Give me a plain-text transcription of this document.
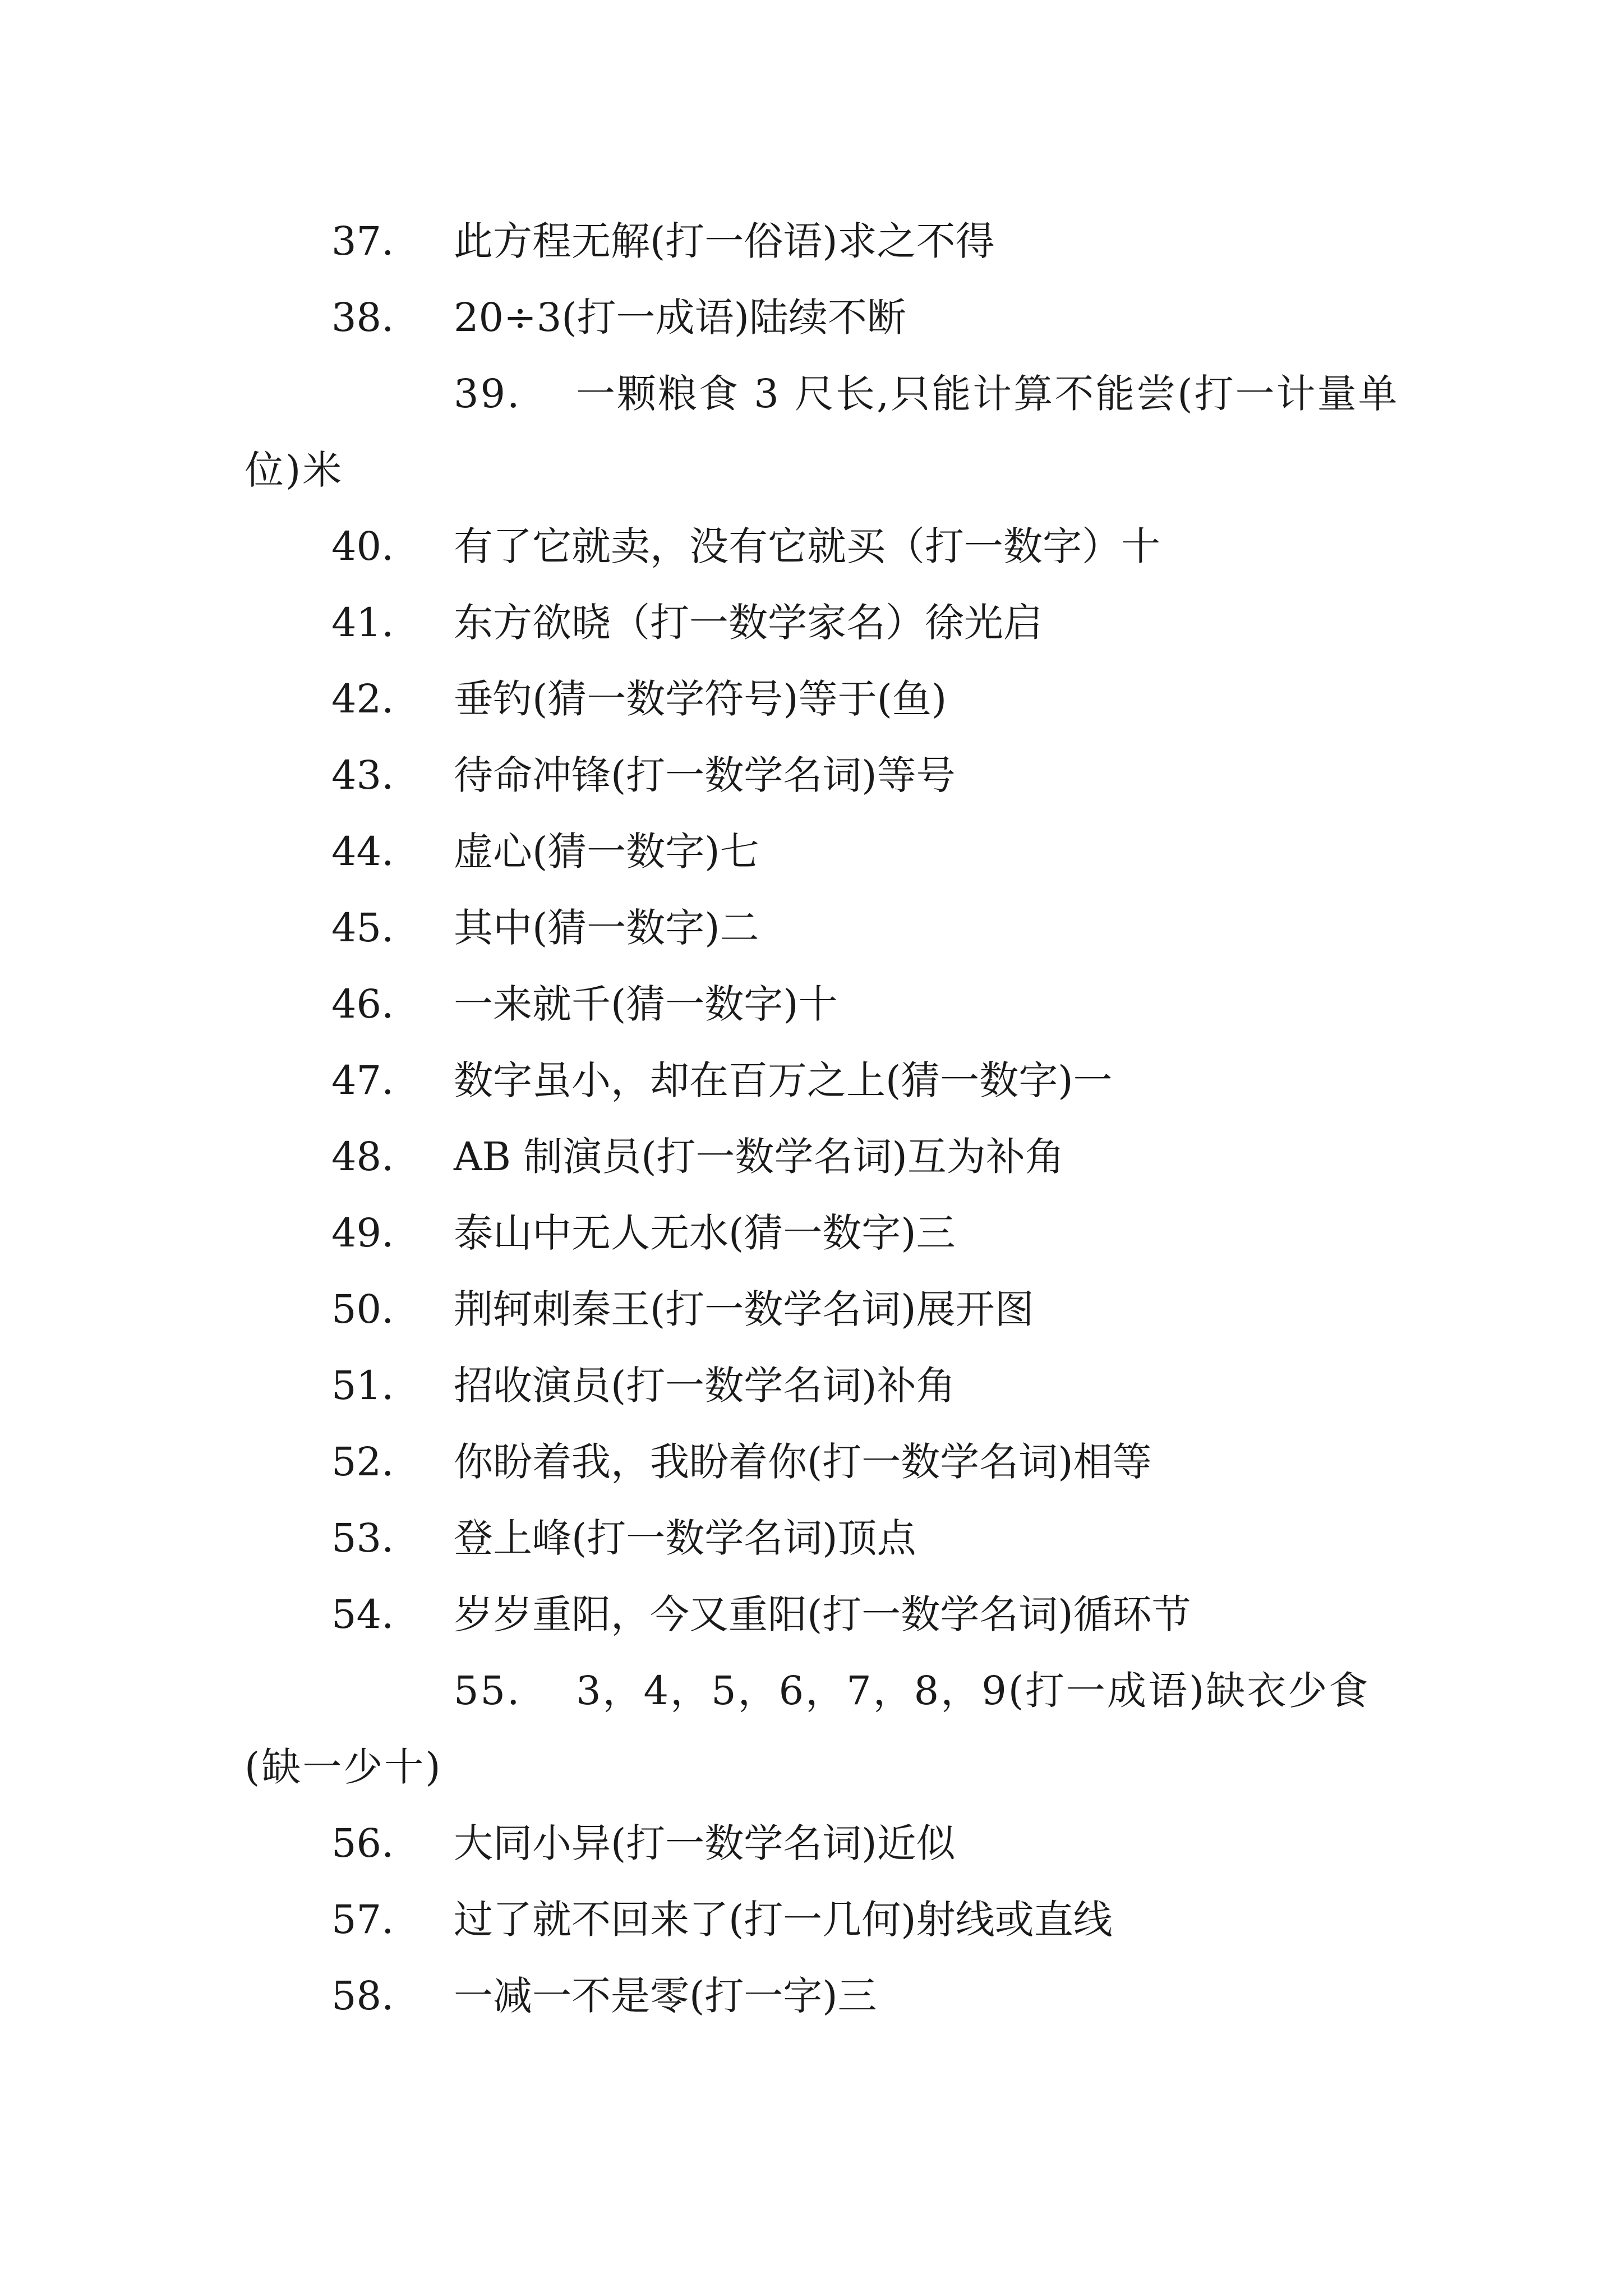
37. 此方程无解(打一俗语)求之不得
38. 20÷3(打一成语)陆续不断
39. 一颗粮食 3 尺长,只能计算不能尝(打一计量单位)米
40. 有了它就卖，没有它就买（打一数字）十
41. 东方欲晓（打一数学家名）徐光启
42. 垂钓(猜一数学符号)等于(鱼)
43. 待命冲锋(打一数学名词)等号
44. 虚心(猜一数字)七
45. 其中(猜一数字)二
46. 一来就千(猜一数字)十
47. 数字虽小，却在百万之上(猜一数字)一
48. AB 制演员(打一数学名词)互为补角
49. 泰山中无人无水(猜一数字)三
50. 荆轲刺秦王(打一数学名词)展开图
51. 招收演员(打一数学名词)补角
52. 你盼着我，我盼着你(打一数学名词)相等
53. 登上峰(打一数学名词)顶点
54. 岁岁重阳，今又重阳(打一数学名词)循环节
55. 3，4，5，6，7，8，9(打一成语)缺衣少食(缺一少十)
56. 大同小异(打一数学名词)近似
57. 过了就不回来了(打一几何)射线或直线
58. 一减一不是零(打一字)三
